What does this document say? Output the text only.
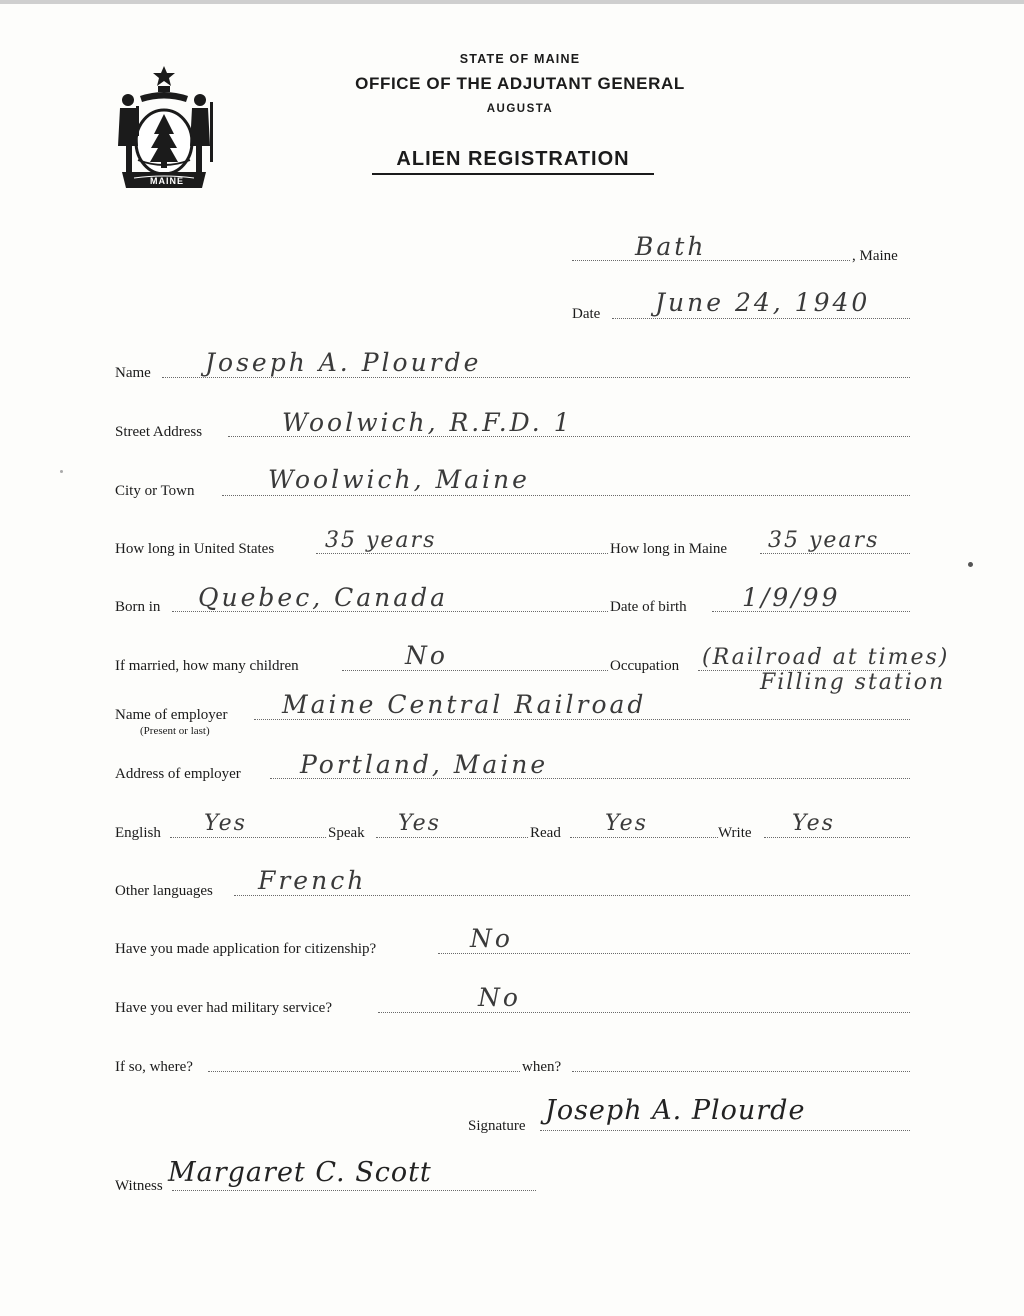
MAINE
STATE OF MAINE
OFFICE OF THE ADJUTANT GENERAL
AUGUSTA
ALIEN REGISTRATION
Bath	, Maine
Date June 24, 1940
Name Joseph A. Plourde
Street Address	Woolwich, R.F.D. 1
City or Town	Woolwich, Maine
How long in United States 35 years	How long in Maine 35 years
Born in Quebec, Canada	Date of birth 1/9/99
If married, how many children	No	Occupation (Railroad at times)
Filling station
Name of employer
(Present or last)
Maine Central Railroad
Address of employer Portland, Maine
English Yes	Speak Yes	Read Yes	Write Yes
Other languages French
Have you made application for citizenship?	No
Have you ever had military service?	No
If so, where?	when?
Signature Joseph A. Plourde
Witness Margaret C. Scott
